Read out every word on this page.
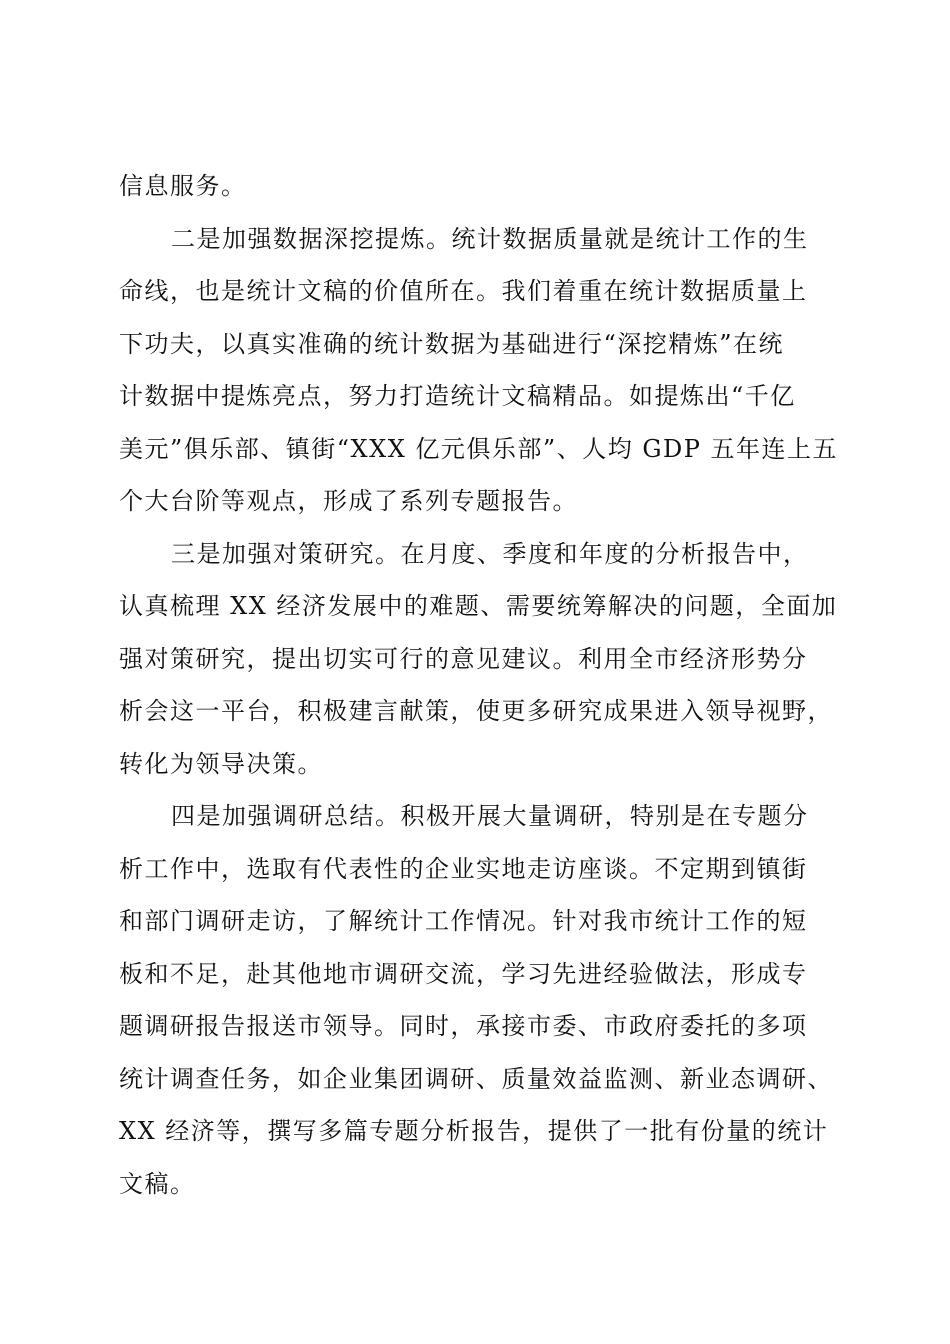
信息服务。
二是加强数据深挖提炼。统计数据质量就是统计工作的生
命线，也是统计文稿的价值所在。我们着重在统计数据质量上
下功夫，以真实准确的统计数据为基础进行“深挖精炼”在统
计数据中提炼亮点，努力打造统计文稿精品。如提炼出“千亿
美元”俱乐部、镇街“XXX 亿元俱乐部”、人均 GDP 五年连上五
个大台阶等观点，形成了系列专题报告。
三是加强对策研究。在月度、季度和年度的分析报告中，
认真梳理 XX 经济发展中的难题、需要统筹解决的问题，全面加
强对策研究，提出切实可行的意见建议。利用全市经济形势分
析会这一平台，积极建言献策，使更多研究成果进入领导视野，
转化为领导决策。
四是加强调研总结。积极开展大量调研，特别是在专题分
析工作中，选取有代表性的企业实地走访座谈。不定期到镇街
和部门调研走访，了解统计工作情况。针对我市统计工作的短
板和不足，赴其他地市调研交流，学习先进经验做法，形成专
题调研报告报送市领导。同时，承接市委、市政府委托的多项
统计调查任务，如企业集团调研、质量效益监测、新业态调研、
XX 经济等，撰写多篇专题分析报告，提供了一批有份量的统计
文稿。
